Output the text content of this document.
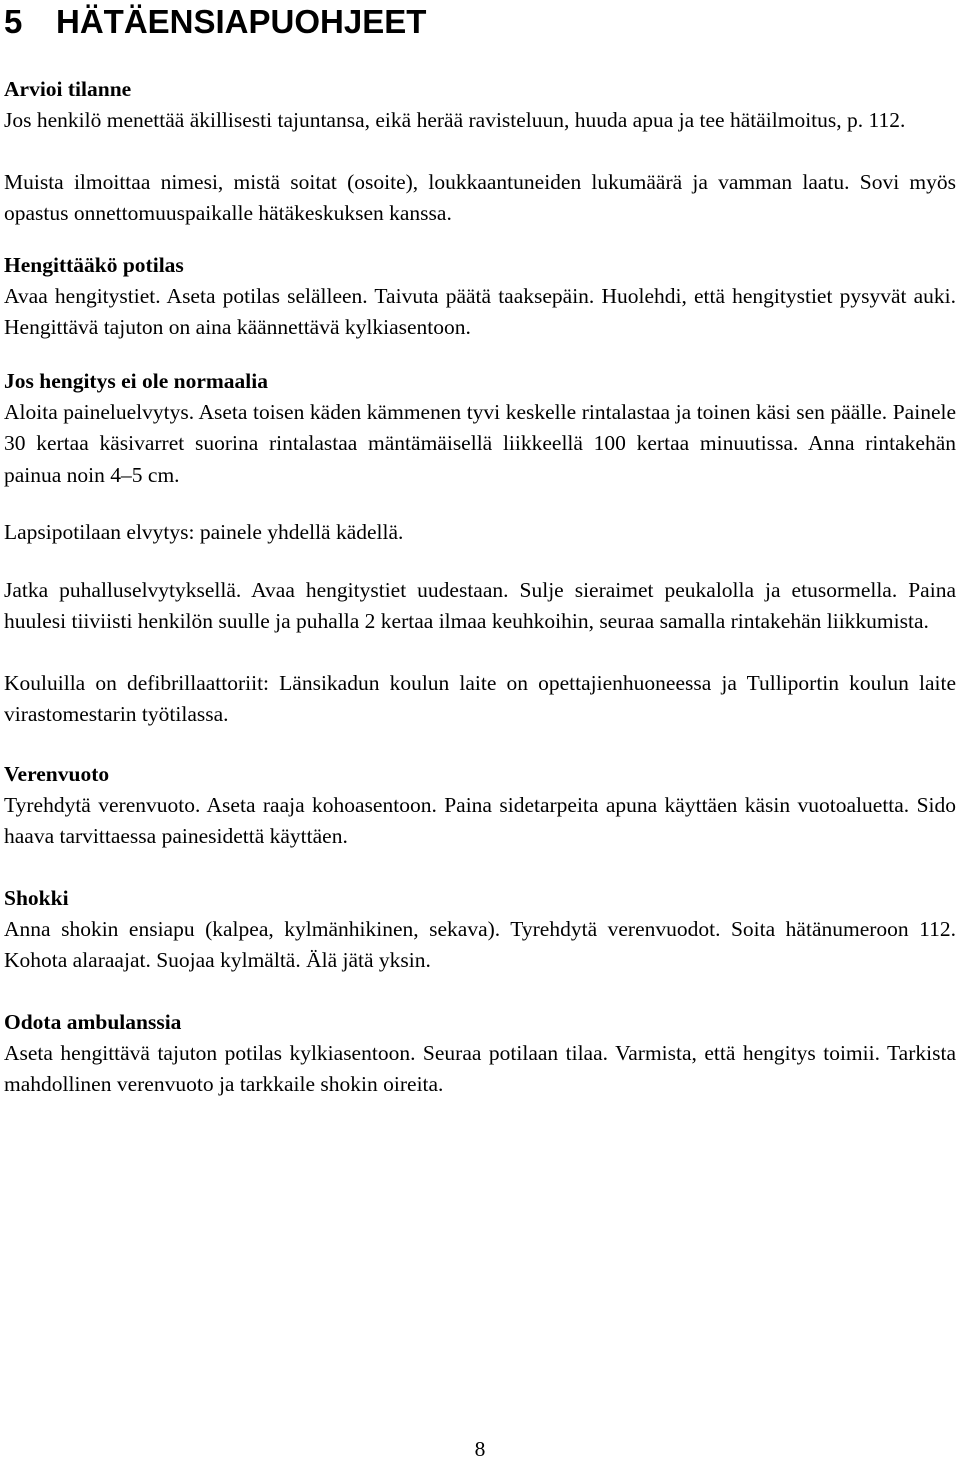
5 HÄTÄENSIAPUOHJEET
Arvioi tilanne

Jos henkilö menettää äkillisesti tajuntansa, eikä herää ravisteluun, huuda apua ja tee hätäilmoitus, p. 112.

Muista ilmoittaa nimesi, mistä soitat (osoite), loukkaantuneiden lukumäärä ja vamman laatu. Sovi myös opastus onnettomuuspaikalle hätäkeskuksen kanssa.

Hengittääkö potilas

Avaa hengitystiet. Aseta potilas selälleen. Taivuta päätä taaksepäin. Huolehdi, että hengitystiet pysyvät auki. Hengittävä tajuton on aina käännettävä kylkiasentoon.

Jos hengitys ei ole normaalia

Aloita paineluelvytys. Aseta toisen käden kämmenen tyvi keskelle rintalastaa ja toinen käsi sen päälle. Painele 30 kertaa käsivarret suorina rintalastaa mäntämäisellä liikkeellä 100 kertaa minuutissa. Anna rintakehän painua noin 4–5 cm.

Lapsipotilaan elvytys: painele yhdellä kädellä.

Jatka puhalluselvytyksellä. Avaa hengitystiet uudestaan. Sulje sieraimet peukalolla ja etusormella. Paina huulesi tiiviisti henkilön suulle ja puhalla 2 kertaa ilmaa keuhkoihin, seuraa samalla rintakehän liikkumista.

Kouluilla on defibrillaattoriit: Länsikadun koulun laite on opettajienhuoneessa ja Tulliportin koulun laite virastomestarin työtilassa.

Verenvuoto

Tyrehdytä verenvuoto. Aseta raaja kohoasentoon. Paina sidetarpeita apuna käyttäen käsin vuotoaluetta. Sido haava tarvittaessa painesidettä käyttäen.

Shokki

Anna shokin ensiapu (kalpea, kylmänhikinen, sekava). Tyrehdytä verenvuodot. Soita hätänumeroon 112. Kohota alaraajat. Suojaa kylmältä. Älä jätä yksin.

Odota ambulanssia

Aseta hengittävä tajuton potilas kylkiasentoon. Seuraa potilaan tilaa. Varmista, että hengitys toimii. Tarkista mahdollinen verenvuoto ja tarkkaile shokin oireita.

8
